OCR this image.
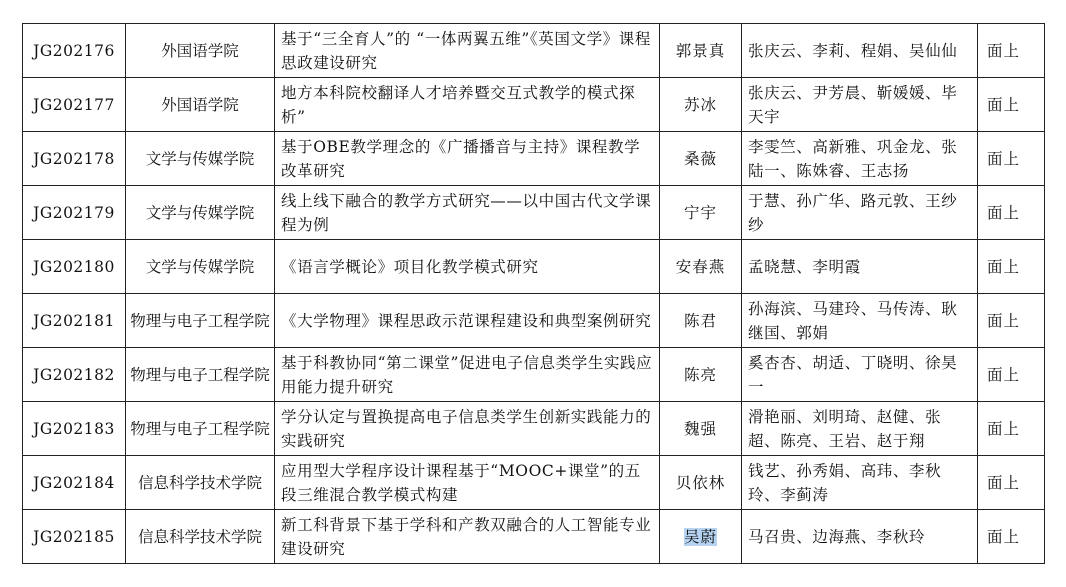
JG202176	外国语学院	基于“三全育人”的 “一体两翼五维”《英国文学》课程思政建设研究	郭景真	张庆云、李莉、程娟、吴仙仙	面上
JG202177	外国语学院	地方本科院校翻译人才培养暨交互式教学的模式探析”	苏冰	张庆云、尹芳晨、靳媛媛、毕天宇	面上
JG202178	文学与传媒学院	基于OBE教学理念的《广播播音与主持》课程教学改革研究	桑薇	李雯竺、高新雅、巩金龙、张陆一、陈姝睿、王志扬	面上
JG202179	文学与传媒学院	线上线下融合的教学方式研究——以中国古代文学课程为例	宁宇	于慧、孙广华、路元敦、王纱纱	面上
JG202180	文学与传媒学院	《语言学概论》项目化教学模式研究	安春燕	孟晓慧、李明霞	面上
JG202181	物理与电子工程学院	《大学物理》课程思政示范课程建设和典型案例研究	陈君	孙海滨、马建玲、马传涛、耿继国、郭娟	面上
JG202182	物理与电子工程学院	基于科教协同“第二课堂”促进电子信息类学生实践应用能力提升研究	陈亮	奚杏杏、胡适、丁晓明、徐昊一	面上
JG202183	物理与电子工程学院	学分认定与置换提高电子信息类学生创新实践能力的实践研究	魏强	滑艳丽、刘明琦、赵健、张超、陈亮、王岩、赵于翔	面上
JG202184	信息科学技术学院	应用型大学程序设计课程基于“MOOC+课堂”的五段三维混合教学模式构建	贝依林	钱艺、孙秀娟、高玮、李秋玲、李蓟涛	面上
JG202185	信息科学技术学院	新工科背景下基于学科和产教双融合的人工智能专业建设研究	吴蔚	马召贵、边海燕、李秋玲	面上
